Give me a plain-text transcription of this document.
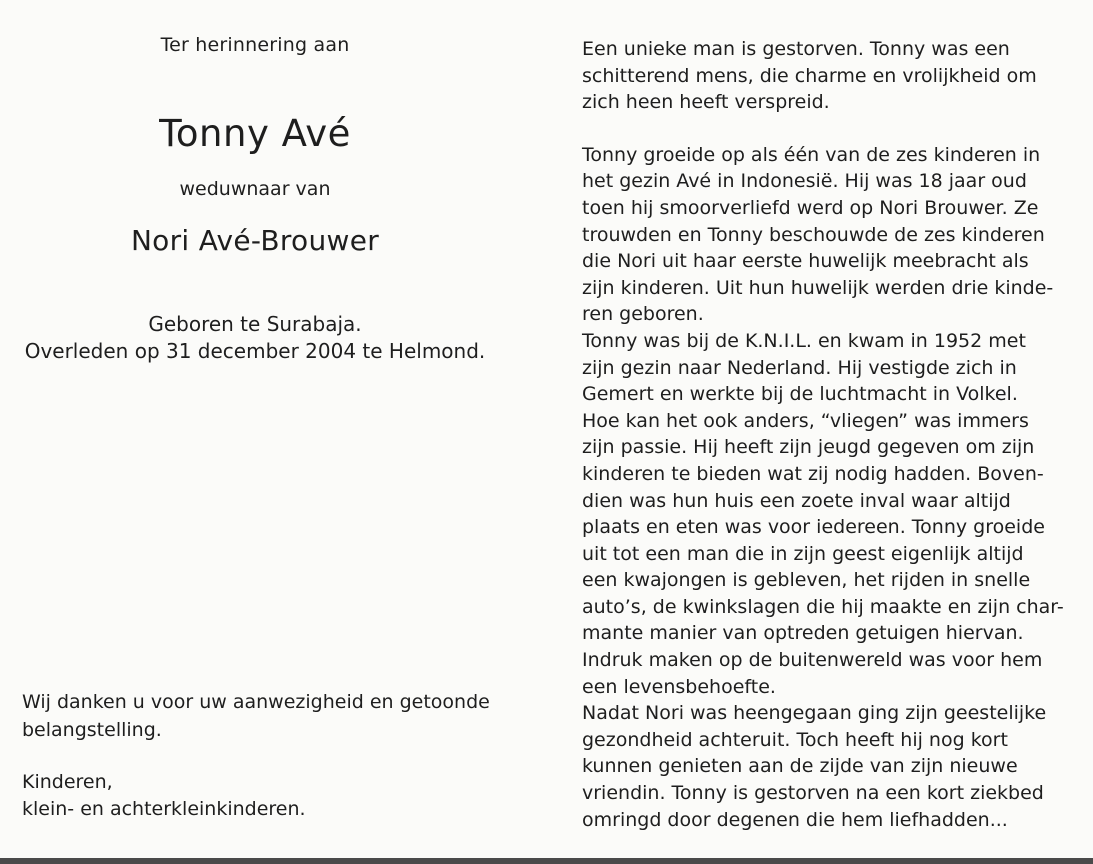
Ter herinnering aan
Tonny Avé
weduwnaar van
Nori Avé-Brouwer
Geboren te Surabaja.
Overleden op 31 december 2004 te Helmond.
Wij danken u voor uw aanwezigheid en getoonde
belangstelling.
Kinderen,
klein- en achterkleinkinderen.

Een unieke man is gestorven. Tonny was een
schitterend mens, die charme en vrolijkheid om
zich heen heeft verspreid.

Tonny groeide op als één van de zes kinderen in
het gezin Avé in Indonesië. Hij was 18 jaar oud
toen hij smoorverliefd werd op Nori Brouwer. Ze
trouwden en Tonny beschouwde de zes kinderen
die Nori uit haar eerste huwelijk meebracht als
zijn kinderen. Uit hun huwelijk werden drie kinde-
ren geboren.

Tonny was bij de K.N.I.L. en kwam in 1952 met
zijn gezin naar Nederland. Hij vestigde zich in
Gemert en werkte bij de luchtmacht in Volkel.
Hoe kan het ook anders, “vliegen” was immers
zijn passie. Hij heeft zijn jeugd gegeven om zijn
kinderen te bieden wat zij nodig hadden. Boven-
dien was hun huis een zoete inval waar altijd
plaats en eten was voor iedereen. Tonny groeide
uit tot een man die in zijn geest eigenlijk altijd
een kwajongen is gebleven, het rijden in snelle
auto’s, de kwinkslagen die hij maakte en zijn char-
mante manier van optreden getuigen hiervan.
Indruk maken op de buitenwereld was voor hem
een levensbehoefte.

Nadat Nori was heengegaan ging zijn geestelijke
gezondheid achteruit. Toch heeft hij nog kort
kunnen genieten aan de zijde van zijn nieuwe
vriendin. Tonny is gestorven na een kort ziekbed
omringd door degenen die hem liefhadden...
